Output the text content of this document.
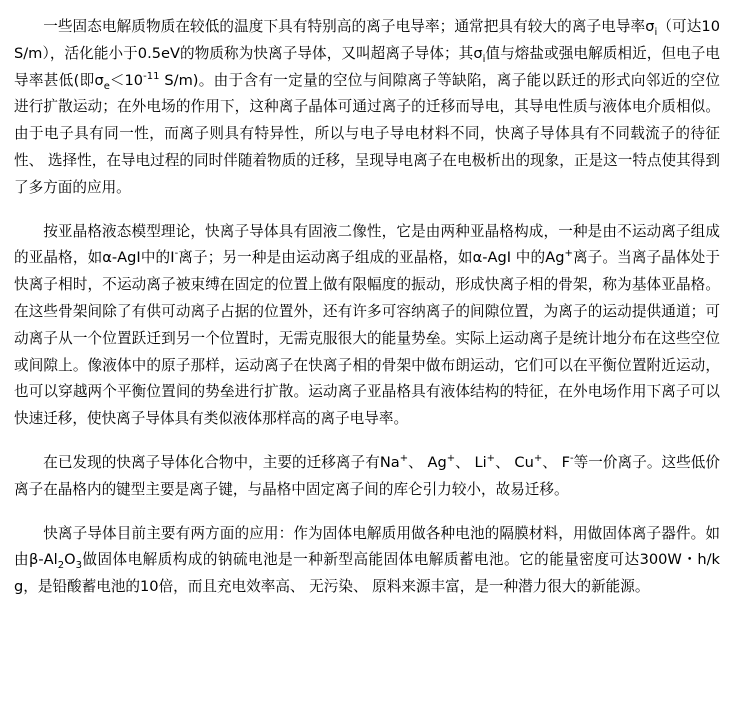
一些固态电解质物质在较低的温度下具有特别高的离子电导率；通常把具有较大的离子电导率$\sigma_i$（可达10S/m），活化能小于0.5eV的物质称为快离子导体，又叫超离子导体；其$\sigma_i$值与熔盐或强电解质相近，但电子电导率甚低(即$\sigma_e<10^{-11}$ S/m)。由于含有一定量的空位与间隙离子等缺陷，离子能以跃迁的形式向邻近的空位进行扩散运动；在外电场的作用下，这种离子晶体可通过离子的迁移而导电，其导电性质与液体电介质相似。由于电子具有同一性，而离子则具有特异性，所以与电子导电材料不同，快离子导体具有不同载流子的待征性、 选择性，在导电过程的同时伴随着物质的迁移，呈现导电离子在电极析出的现象，正是这一特点使其得到了多方面的应用。

按亚晶格液态模型理论，快离子导体具有固液二像性，它是由两种亚晶格构成，一种是由不运动离子组成的亚晶格，如α-AgI中的I-离子；另一种是由运动离子组成的亚晶格，如α-AgI 中的Ag+离子。当离子晶体处于快离子相时，不运动离子被束缚在固定的位置上做有限幅度的振动，形成快离子相的骨架，称为基体亚晶格。在这些骨架间除了有供可动离子占据的位置外，还有许多可容纳离子的间隙位置，为离子的运动提供通道；可动离子从一个位置跃迁到另一个位置时，无需克服很大的能量势垒。实际上运动离子是统计地分布在这些空位或间隙上。像液体中的原子那样，运动离子在快离子相的骨架中做布朗运动，它们可以在平衡位置附近运动，也可以穿越两个平衡位置间的势垒进行扩散。运动离子亚晶格具有液体结构的特征，在外电场作用下离子可以快速迁移，使快离子导体具有类似液体那样高的离子电导率。

在已发现的快离子导体化合物中，主要的迁移离子有Na+、 Ag+、 Li+、 Cu+、 F-等一价离子。这些低价离子在晶格内的键型主要是离子键，与晶格中固定离子间的库仑引力较小，故易迁移。

快离子导体目前主要有两方面的应用：作为固体电解质用做各种电池的隔膜材料，用做固体离子器件。如由$\beta-Al_2O_3$做固体电解质构成的钠硫电池是一种新型高能固体电解质蓄电池。它的能量密度可达300W・h/kg，是铅酸蓄电池的10倍，而且充电效率高、 无污染、 原料来源丰富，是一种潜力很大的新能源。
